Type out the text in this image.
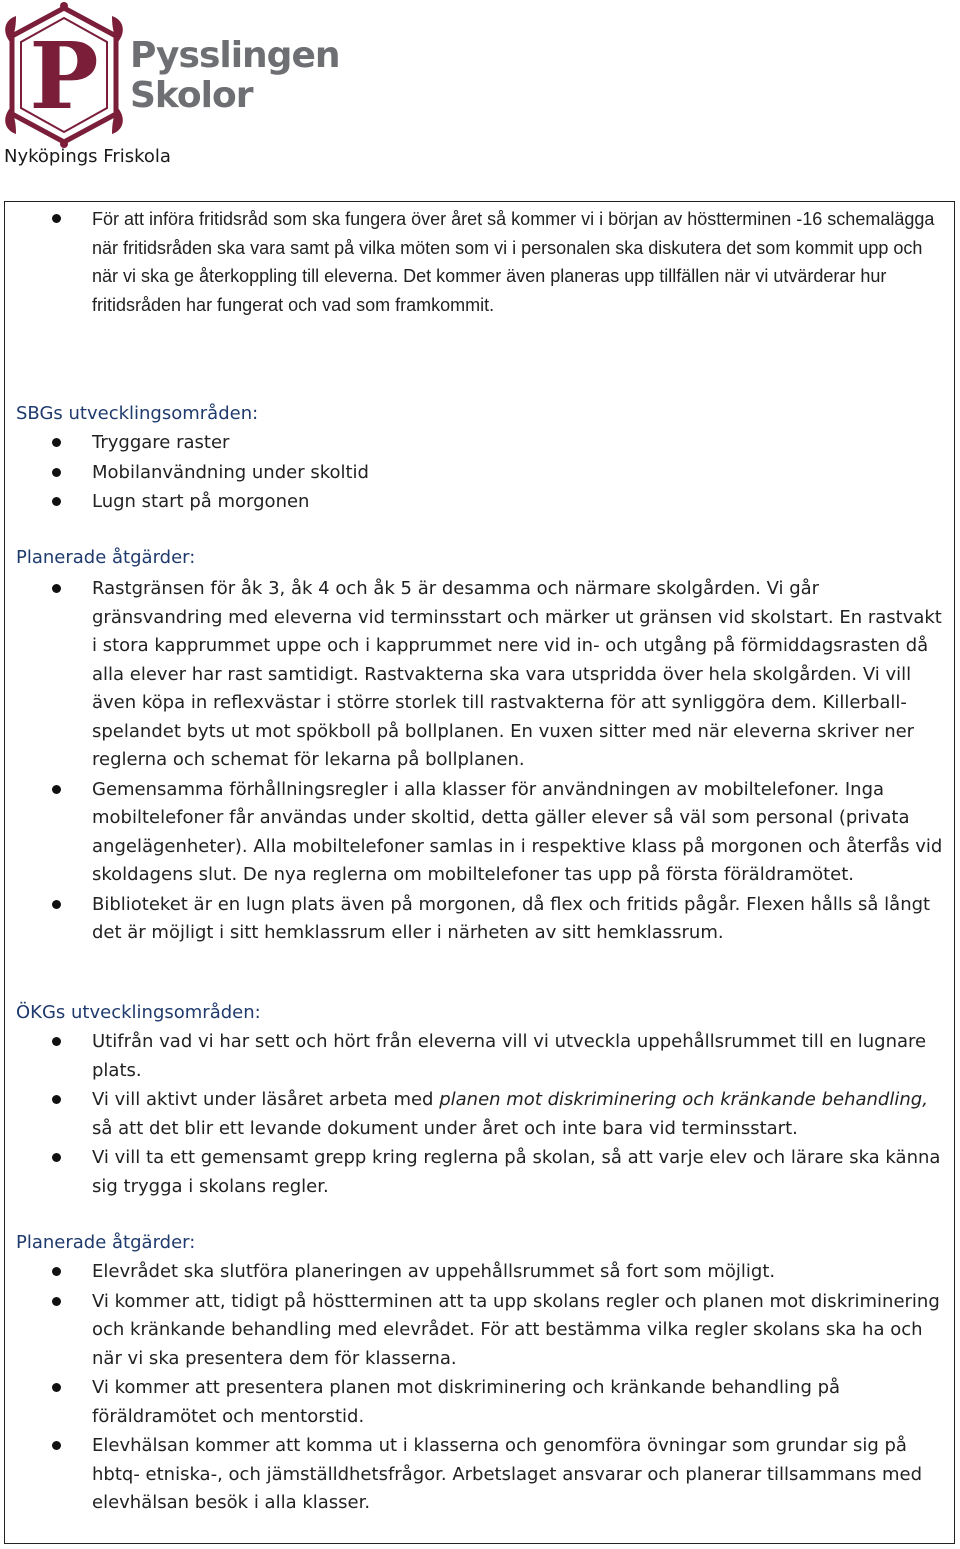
P Pysslingen
Skolor
Nyköpings Friskola
För att införa fritidsråd som ska fungera över året så kommer vi i början av höstterminen -16 schemalägga när fritidsråden ska vara samt på vilka möten som vi i personalen ska diskutera det som kommit upp och när vi ska ge återkoppling till eleverna. Det kommer även planeras upp tillfällen när vi utvärderar hur fritidsråden har fungerat och vad som framkommit.
SBGs utvecklingsområden:
Tryggare raster
Mobilanvändning under skoltid
Lugn start på morgonen
Planerade åtgärder:
Rastgränsen för åk 3, åk 4 och åk 5 är desamma och närmare skolgården. Vi går gränsvandring med eleverna vid terminsstart och märker ut gränsen vid skolstart. En rastvakt i stora kapprummet uppe och i kapprummet nere vid in- och utgång på förmiddagsrasten då alla elever har rast samtidigt. Rastvakterna ska vara utspridda över hela skolgården. Vi vill även köpa in reflexvästar i större storlek till rastvakterna för att synliggöra dem. Killerball-spelandet byts ut mot spökboll på bollplanen. En vuxen sitter med när eleverna skriver ner reglerna och schemat för lekarna på bollplanen.
Gemensamma förhållningsregler i alla klasser för användningen av mobiltelefoner. Inga mobiltelefoner får användas under skoltid, detta gäller elever så väl som personal (privata angelägenheter). Alla mobiltelefoner samlas in i respektive klass på morgonen och återfås vid skoldagens slut. De nya reglerna om mobiltelefoner tas upp på första föräldramötet.
Biblioteket är en lugn plats även på morgonen, då flex och fritids pågår. Flexen hålls så långt det är möjligt i sitt hemklassrum eller i närheten av sitt hemklassrum.
ÖKGs utvecklingsområden:
Utifrån vad vi har sett och hört från eleverna vill vi utveckla uppehållsrummet till en lugnare plats.
Vi vill aktivt under läsåret arbeta med planen mot diskriminering och kränkande behandling, så att det blir ett levande dokument under året och inte bara vid terminsstart.
Vi vill ta ett gemensamt grepp kring reglerna på skolan, så att varje elev och lärare ska känna sig trygga i skolans regler.
Planerade åtgärder:
Elevrådet ska slutföra planeringen av uppehållsrummet så fort som möjligt.
Vi kommer att, tidigt på höstterminen att ta upp skolans regler och planen mot diskriminering och kränkande behandling med elevrådet. För att bestämma vilka regler skolans ska ha och när vi ska presentera dem för klasserna.
Vi kommer att presentera planen mot diskriminering och kränkande behandling på föräldramötet och mentorstid.
Elevhälsan kommer att komma ut i klasserna och genomföra övningar som grundar sig på hbtq- etniska-, och jämställdhetsfrågor. Arbetslaget ansvarar och planerar tillsammans med elevhälsan besök i alla klasser.
